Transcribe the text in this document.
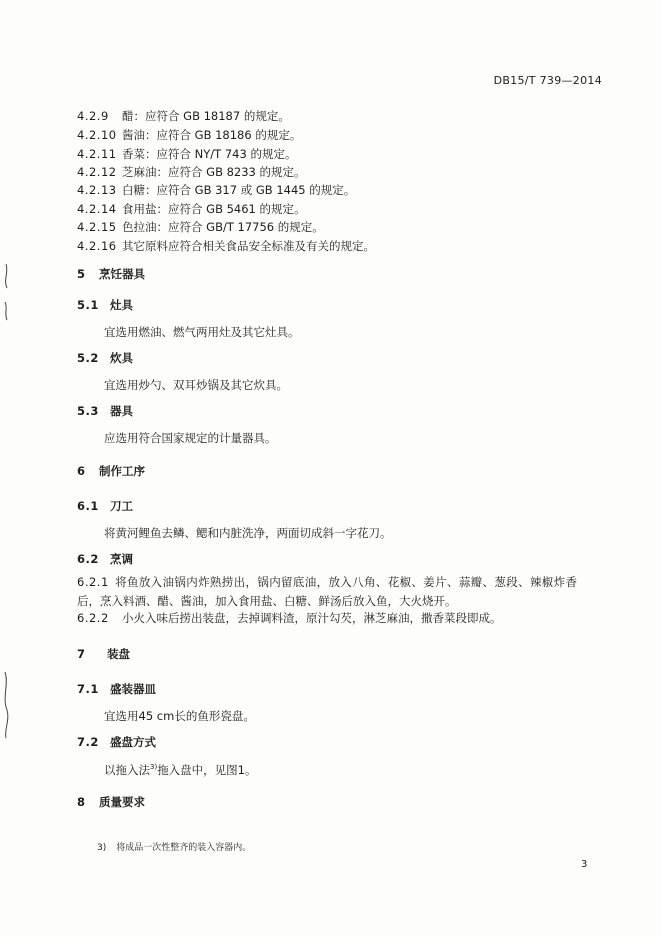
DB15/T 739—2014
4.2.9 醋：应符合 GB 18187 的规定。
4.2.10 酱油：应符合 GB 18186 的规定。
4.2.11 香菜：应符合 NY/T 743 的规定。
4.2.12 芝麻油：应符合 GB 8233 的规定。
4.2.13 白糖：应符合 GB 317 或 GB 1445 的规定。
4.2.14 食用盐：应符合 GB 5461 的规定。
4.2.15 色拉油：应符合 GB/T 17756 的规定。
4.2.16 其它原料应符合相关食品安全标准及有关的规定。
5 烹饪器具
5.1 灶具
宜选用燃油、燃气两用灶及其它灶具。
5.2 炊具
宜选用炒勺、双耳炒锅及其它炊具。
5.3 器具
应选用符合国家规定的计量器具。
6 制作工序
6.1 刀工
将黄河鲤鱼去鳞、鳃和内脏洗净，两面切成斜一字花刀。
6.2 烹调
6.2.1 将鱼放入油锅内炸熟捞出，锅内留底油，放入八角、花椒、姜片、蒜瓣、葱段、辣椒炸香后，烹入料酒、醋、酱油，加入食用盐、白糖、鲜汤后放入鱼，大火烧开。
6.2.2 小火入味后捞出装盘，去掉调料渣，原汁勾芡，淋芝麻油，撒香菜段即成。
7 装盘
7.1 盛装器皿
宜选用45 cm长的鱼形瓷盘。
7.2 盛盘方式
以拖入法$^{3)}$拖入盘中，见图1。
8 质量要求
3) 将成品一次性整齐的装入容器内。
3
